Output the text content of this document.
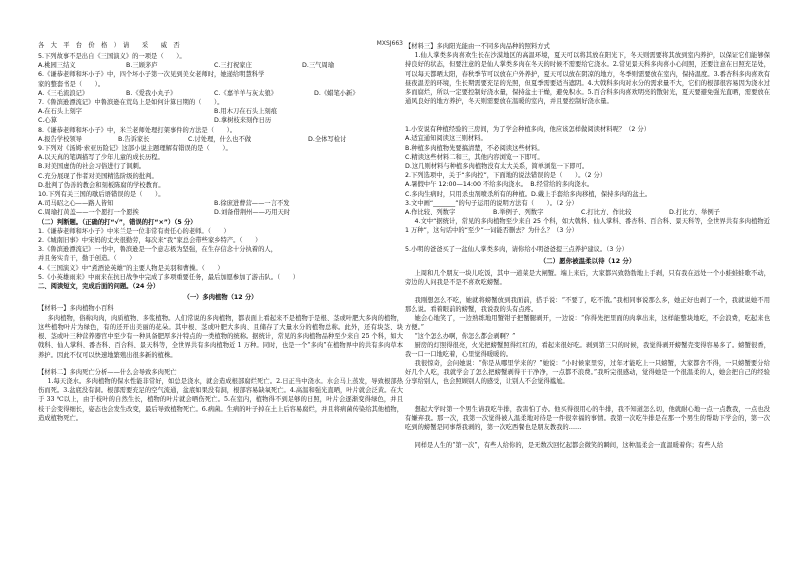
各　大　平　台　价　格　）　请　　采　　威　否	MXSJ663
5.下列故事不是出自《三国演义》的一项是（　　）。
A.桃园三结义	B.三顾茅庐	C.三打祝家庄	D.三气周瑜
6.《谦恭老师和坏小子》中，四个坏小子第一次见到美女老师时，她递给明慧科学
家的整套书是（　　）。
A.《三毛流浪记》	B.《爱我小丸子》	C.《嘉羊羊与灰太狼》	D.《蜡笔小新》
7.《鲁滨逊漂流记》中鲁滨逊在荒岛上是如何计算日期的（　　）。
A.在石头上刻字	B.用木刀在石头上刻痕
C.心算	D.拿树枝来刻作日历
8.《谦恭老师和坏小子》中，米兰老师处理打架事件的方法是（　　）。
A.报告学校领导	B.告诉家长	C.讨处理，什么也不做	D.全体写检讨
9.下列对《汤姆·索亚历险记》这部小说主题理解有错误的是（　　）。
A.以天真的笔调描写了少年儿童的成长历程。
B.对美国虚伪的社会习俗进行了讽刺。
C.充分展现了作者对美国精选阶级的批判。
D.批判了伪善的教会和刻板陈腐的学校教育。
10.下列有关三国的歇后语错误的是（　　）。
A.司马昭之心——路人皆知	B.徐庶进曹营——一言不发
C.周瑜打黄盖——一个愿打一个愿挨	D.刘备借荆州——巧用天时
（二）判断题。（正确的打“√”，错误的打“×”）（5 分）
1.《谦恭老师和坏小子》中米兰是一位非常有责任心的老师。（　　）
2.《城南旧事》中宋妈的丈夫很勤劳，每次来“我”家总会带些家乡特产。（　　）
3.《鲁滨逊漂流记》一书中，鲁滨逊是一个意志极为坚强，在生存信念十分执着的人，
并且务实肯干，勤于创造。（　　）
4.《三国演义》中“煮酒论英雄”的主要人物是关羽和曹操。（　　）
5.《小英雄雨来》中雨来在抗日战争中完成了多项重要任务，最后加愿参加了游击队。（　　）
二、阅读短文，完成后面的问题。（24 分）
（一）多肉植物（12 分）
【材料一】多肉植物小百科
多肉植物，俗称肉肉，肉质植物、多浆植物。人们常说的多肉植物，都表面上看起来不是植物于是根、茎或叶肥大多肉的植物，这些植物叶片为绿色，有的还开出美丽的花朵。其中根、茎或叶肥大多肉、且储存了大量水分的植物总称。此外，还有块茎、块根、茎或叶三种营养器官中至少有一种具备肥厚多汁特点的一类植物的统称。据统计，常见的多肉植物品种至少来自 25 个科，如大戟科、仙人掌科、番杏科、百合科、景天科等，全世界共有多肉植物近 1 万种。同时，也是一个“多肉”在植物界中的共有多肉草本养护。因此不仅可以快速地繁殖出很多新的植株。
【材料二】多肉死亡分析——什么会导致多肉死亡
1.每天浇水。多肉植物的保水性能非常好，如总是浇水，就会造成根部腐烂死亡。2.日正当中浇水。水会马上蒸发，导致根部热伤而死。3.盆底没有洞。根部需要充足的空气流通，盆底如果没有洞，根部容易缺氧死亡。4.高温和强光直晒，叶片就会泛黄。在大于 33 ℃以上，由于枝叶的自然生长，植物的叶片就会晒伤死亡。5.在室内，植物得不到足够的日照，叶片会逐渐变得绿色，并且枝干会变得细长，姿态也会发生改变，最后导致植物死亡。6.病菌。生病的叶子掉在土上后容易腐烂，并且将病菌传染给其他植物，造成植物死亡。
【材料三】多肉阳光能由一不同多肉品种的照料方式
1.仙人掌类多肉喜欢生长在沙漠地区的高温环境，夏天可以将其放在阳光下，冬天则需要将其放到室内养护，以保证它们能够保持良好的状态，但要注意的是仙人掌类多肉在冬天的时候不需要给它浇水。2.常见景天科多肉喜小心间照，还要注意在日照充足处，可以每天都晒太阳，春秋季节可以放在户外养护，夏天可以放在阴凉的地方，冬季则需要放在室内，保持温度。3.番杏科多肉喜欢有昼夜温差的环境，生长期需要充足的光照，但夏季需要适当遮阴。4.大戟科多肉对水分的需求量不大，它们的根部很容易因为浇水过多而腐烂，所以一定要控制好浇水量，保持盆土干燥，避免积水。5.百合科多肉喜欢明亮的散射光，夏天要避免强光直晒，需要放在通风良好的地方养护，冬天则需要放在温暖的室内，并且要控制好浇水量。
1.小安说有种植经验的三房间，为了学会种植多肉，他应该怎样做阅读材料呢？（2 分）
A.适宜通知阅读这三则材料。
B.种植多肉植物先要搞清楚，不必阅读这些材料。
C.精读这些材料二和三，其他内容浏览一下即可。
D.这几则材料与种植多肉植物没有太大关系，简单浏览一下即可。
2.下列选项中，关于“多肉控”，下面地的说法错误的是（　　）。（2 分）
A.暑假中午 12:00—14:00 不给多肉浇水。　B.经常给的多肉浇水。
C.多肉生病时，只用杀虫剂喷杀所有的种植。D.戴上手套给多肉移植，保持多肉的盆土。
3.文中画“_______”的句子运用的说明方法有（　　）。（2 分）
A.作比较、列数字	B.举例子、列数字	C.打比方、作比较	D.打比方、举例子
4.文中“据统计，常见的多肉植物至少来自 25 个科，如大戟科、仙人掌科、番杏科、百合科、景天科等，全世界共有多肉植物近 1 万种”，这句话中的“至少”一词能否删去？为什么？（3 分）
5.小明的爸爸买了一盆仙人掌类多肉，请你给小明爸爸提三点养护建议。（3 分）
（二）愿你被温柔以待（12 分）
上周和几个朋友一块儿吃饭，其中一道菜是大闸蟹。端上来后，大家都兴致勃勃地上手剥，只有我在远处一个小蛙蛙蛙歌不动，旁边的人问我是不是不喜欢吃螃蟹。
我刚想怎么不吃，她就将螃蟹放到我面前，搭手说：“不要了，吃不饿。”我相同事说那么多，她正好也剥了一个，我就说她不用那么说。看着眼前的螃蟹，我说我的头有点疼。
她会心地笑了，一边熟练地用蟹钳子把蟹腿剥开，一边说：“你得先把里面的肉拿出来，这样能整块地吃，不会浪费，吃起来也方便。”
“这个怎么办啊，你怎么都会剥啊？”
厨房的灯照得很亮，火光把螃蟹照得红红的，看起来很好吃。剥到第三只的时候，我觉得剥开螃蟹壳变得容易多了。螃蟹很香，我一口一口地吃着，心里觉得暖暖的。
我很惊奇，会问她说：“你是从哪里学来的？”她说：“小时候家里穷，过年才能吃上一只螃蟹，大家都舍不得，一只螃蟹要分给好几个人吃，我就学会了怎么把螃蟹剥得干干净净，一点都不浪费。”我听完很感动，觉得她是一个很温柔的人，她会把自己的经验分享给别人，也会照顾别人的感受，让别人不会觉得尴尬。
想起大学时第一个男生请我吃牛排，我害怕了办。他买得很用心的牛排，我不知道怎么切，他就耐心地一点一点教我，一点也没有嫌弃我。那一次，我第一次觉得被人温柔地对待是一件很幸福的事情。我第一次吃牛排是在那一个男生的帮助下学会的，第一次吃到的螃蟹是同事帮我剥的，第一次吃西餐也是朋友教我的……
同样是人生的“第一次”，有些人给你的，是无数次回忆起都会微笑的瞬间，这种温柔会一直温暖着你；有些人给
